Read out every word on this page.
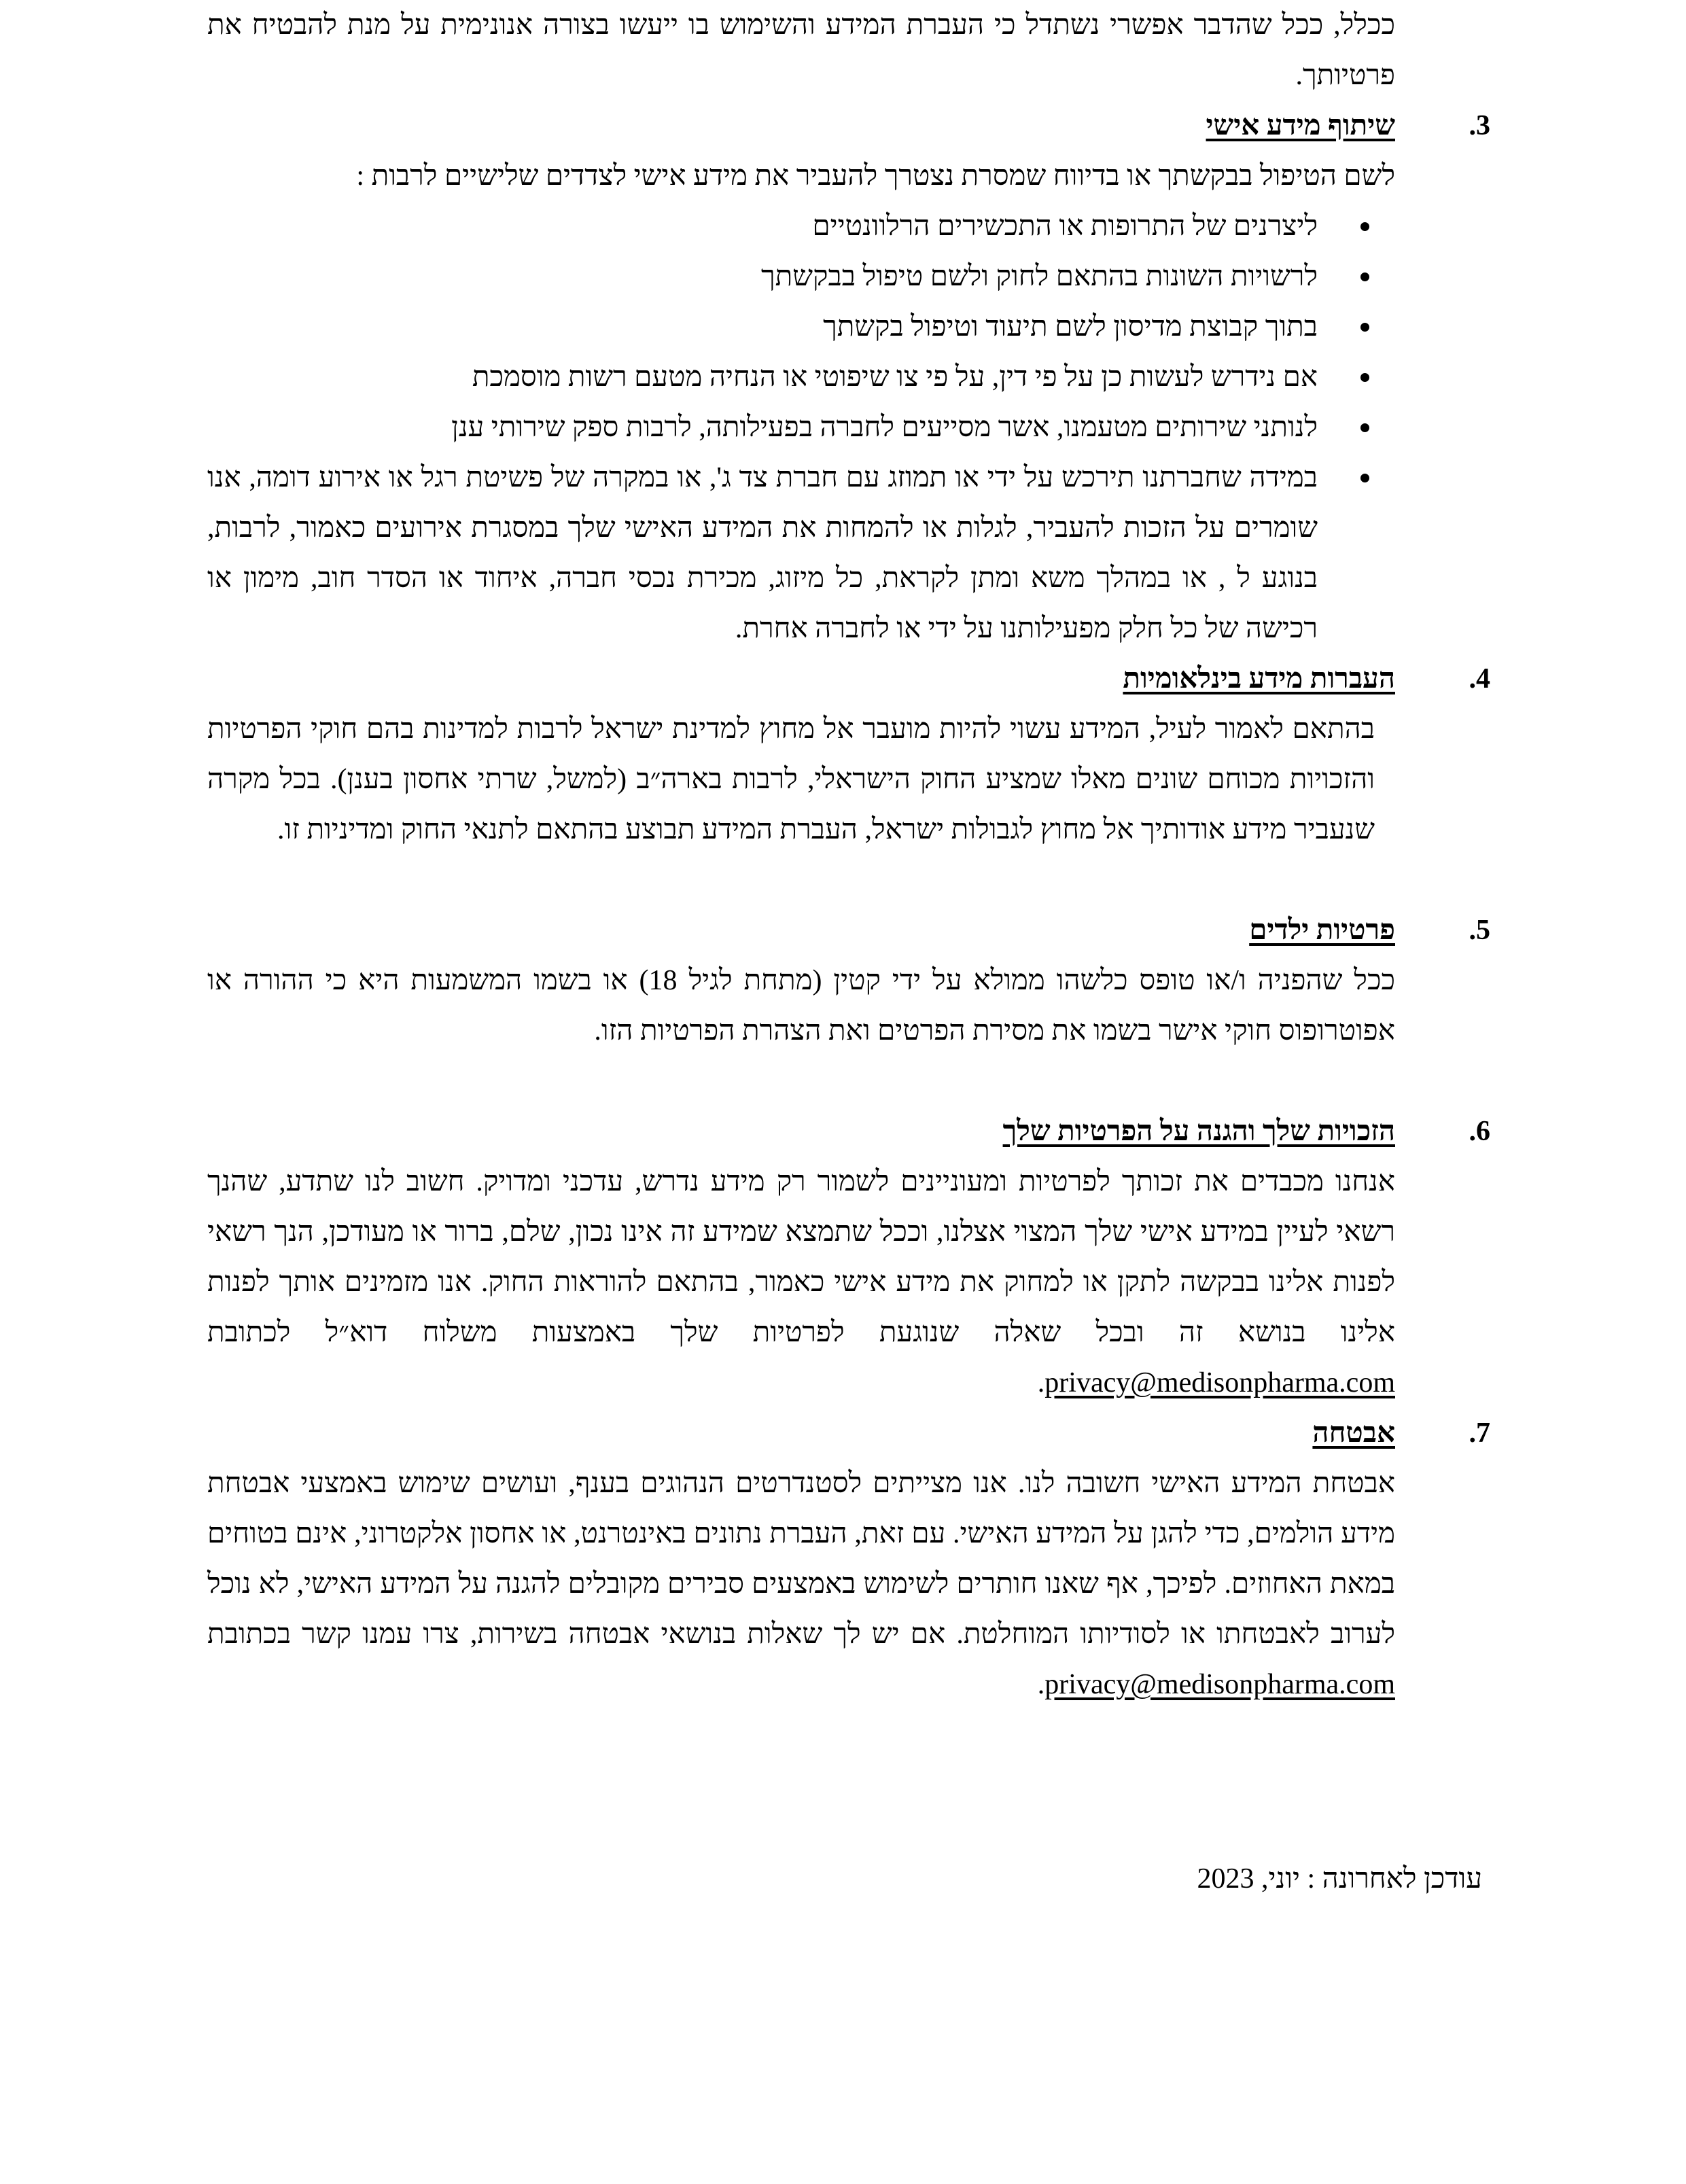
ככלל, ככל שהדבר אפשרי נשתדל כי העברת המידע והשימוש בו ייעשו בצורה אנונימית על מנת להבטיח את פרטיותך.

.3
שיתוף מידע אישי

לשם הטיפול בבקשתך או בדיווח שמסרת נצטרך להעביר את מידע אישי לצדדים שלישיים לרבות :

ליצרנים של התרופות או התכשירים הרלוונטיים
לרשויות השונות בהתאם לחוק ולשם טיפול בבקשתך
בתוך קבוצת מדיסון לשם תיעוד וטיפול בקשתך
אם נידרש לעשות כן על פי דין, על פי צו שיפוטי או הנחיה מטעם רשות מוסמכת
לנותני שירותים מטעמנו, אשר מסייעים לחברה בפעילותה, לרבות ספק שירותי ענן
במידה שחברתנו תירכש על ידי או תמוזג עם חברת צד ג', או במקרה של פשיטת רגל או אירוע דומה, אנו שומרים על הזכות להעביר, לגלות או להמחות את המידע האישי שלך במסגרת אירועים כאמור, לרבות, בנוגע ל , או במהלך משא ומתן לקראת, כל מיזוג, מכירת נכסי חברה, איחוד או הסדר חוב, מימון או רכישה של כל חלק מפעילותנו על ידי או לחברה אחרת.
.4
העברות מידע בינלאומיות

בהתאם לאמור לעיל, המידע עשוי להיות מועבר אל מחוץ למדינת ישראל לרבות למדינות בהם חוקי הפרטיות והזכויות מכוחם שונים מאלו שמציע החוק הישראלי, לרבות בארה״ב (למשל, שרתי אחסון בענן). בכל מקרה שנעביר מידע אודותיך אל מחוץ לגבולות ישראל, העברת המידע תבוצע בהתאם לתנאי החוק ומדיניות זו.

.5
פרטיות ילדים

ככל שהפניה ו/או טופס כלשהו ממולא על ידי קטין (מתחת לגיל 18) או בשמו המשמעות היא כי ההורה או אפוטרופוס חוקי אישר בשמו את מסירת הפרטים ואת הצהרת הפרטיות הזו.

.6
הזכויות שלך והגנה על הפרטיות שלך

אנחנו מכבדים את זכותך לפרטיות ומעוניינים לשמור רק מידע נדרש, עדכני ומדויק. חשוב לנו שתדע, שהנך רשאי לעיין במידע אישי שלך המצוי אצלנו, וככל שתמצא שמידע זה אינו נכון, שלם, ברור או מעודכן, הנך רשאי לפנות אלינו בבקשה לתקן או למחוק את מידע אישי כאמור, בהתאם להוראות החוק. אנו מזמינים אותך לפנות אלינו בנושא זה ובכל שאלה שנוגעת לפרטיות שלך באמצעות משלוח דוא״ל לכתובת privacy@medisonpharma.com.

.7
אבטחה

אבטחת המידע האישי חשובה לנו. אנו מצייתים לסטנדרטים הנהוגים בענף, ועושים שימוש באמצעי אבטחת מידע הולמים, כדי להגן על המידע האישי. עם זאת, העברת נתונים באינטרנט, או אחסון אלקטרוני, אינם בטוחים במאת האחוזים. לפיכך, אף שאנו חותרים לשימוש באמצעים סבירים מקובלים להגנה על המידע האישי, לא נוכל לערוב לאבטחתו או לסודיותו המוחלטת. אם יש לך שאלות בנושאי אבטחה בשירות, צרו עמנו קשר בכתובת privacy@medisonpharma.com.

עודכן לאחרונה : יוני, 2023
